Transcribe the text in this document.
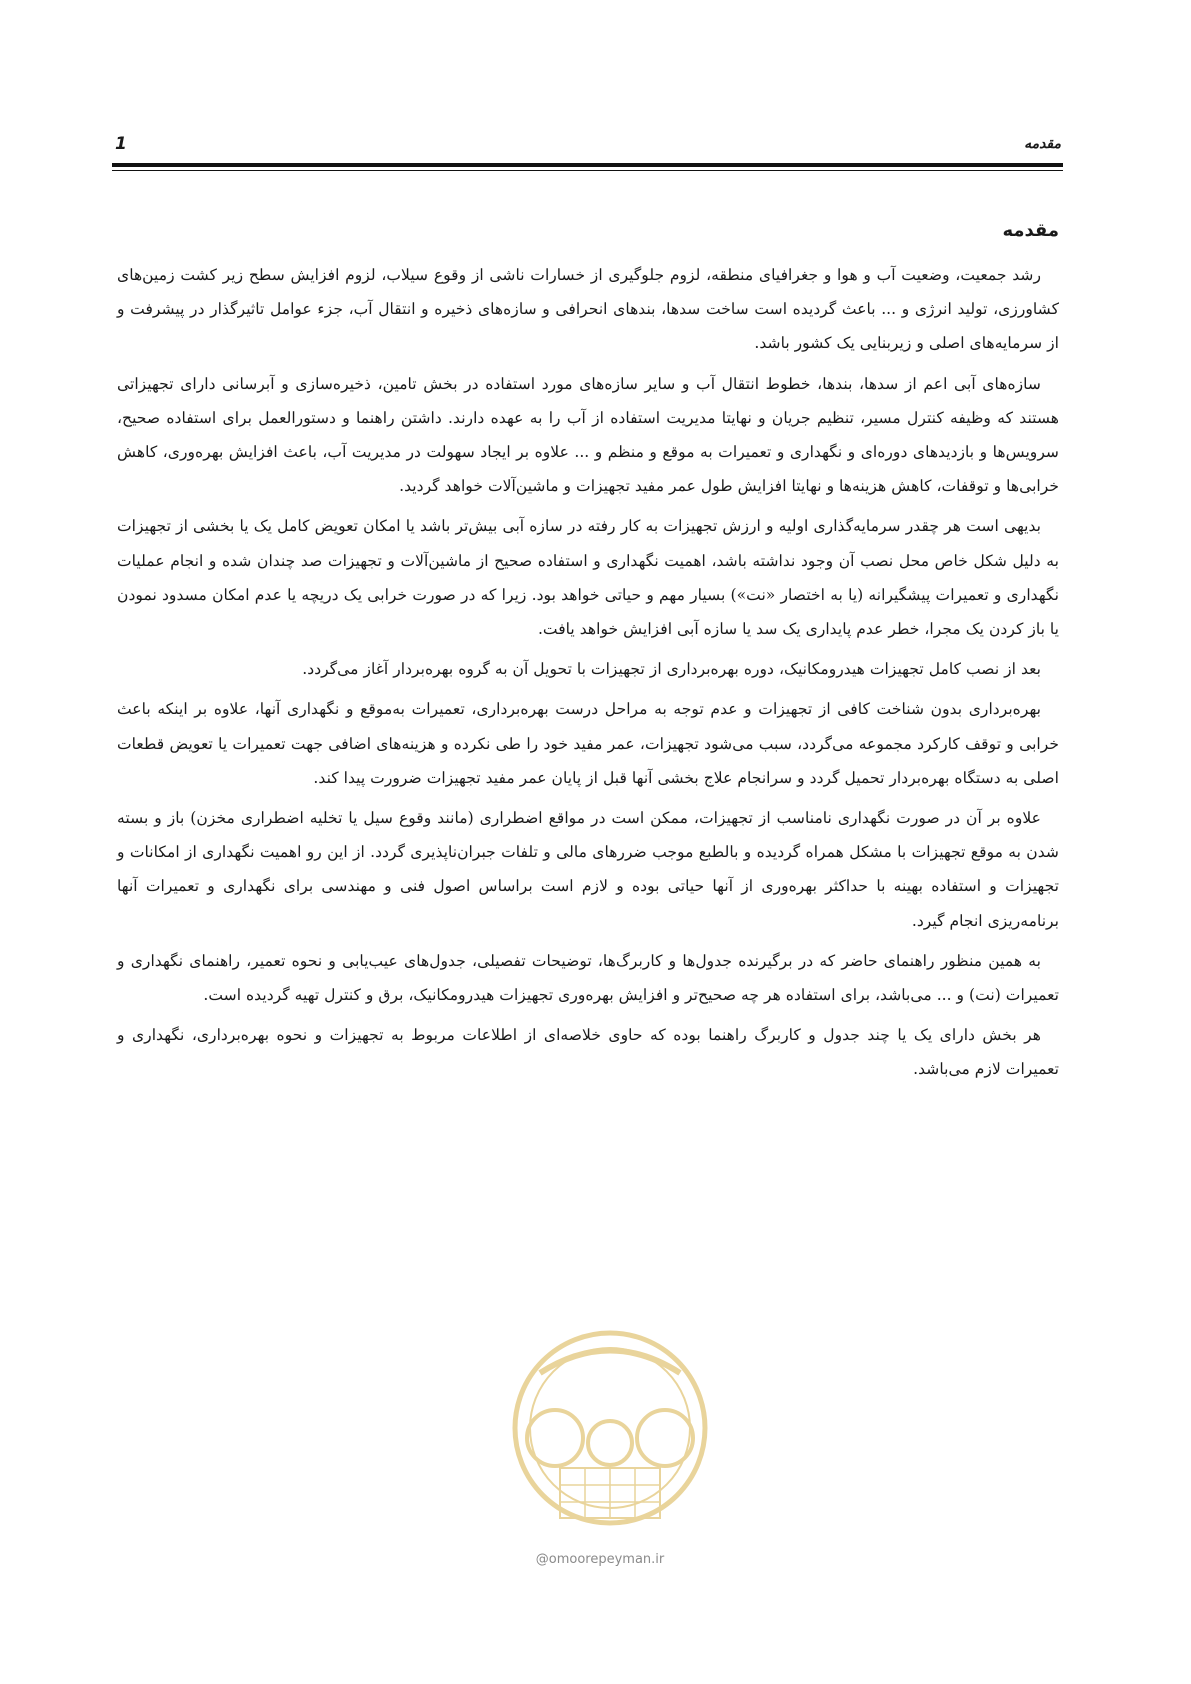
مقدمه
1
مقدمه

رشد جمعیت، وضعیت آب و هوا و جغرافیای منطقه، لزوم جلوگیری از خسارات ناشی از وقوع سیلاب، لزوم افزایش سطح زیر کشت زمین‌های کشاورزی، تولید انرژی و ... باعث گردیده است ساخت سدها، بندهای انحرافی و سازه‌های ذخیره و انتقال آب، جزء عوامل تاثیرگذار در پیشرفت و از سرمایه‌های اصلی و زیربنایی یک کشور باشد.

سازه‌های آبی اعم از سدها، بندها، خطوط انتقال آب و سایر سازه‌های مورد استفاده در بخش تامین، ذخیره‌سازی و آبرسانی دارای تجهیزاتی هستند که وظیفه کنترل مسیر، تنظیم جریان و نهایتا مدیریت استفاده از آب را به عهده دارند. داشتن راهنما و دستورالعمل برای استفاده صحیح، سرویس‌ها و بازدیدهای دوره‌ای و نگهداری و تعمیرات به موقع و منظم و ... علاوه بر ایجاد سهولت در مدیریت آب، باعث افزایش بهره‌وری، کاهش خرابی‌ها و توقفات، کاهش هزینه‌ها و نهایتا افزایش طول عمر مفید تجهیزات و ماشین‌آلات خواهد گردید.

بدیهی است هر چقدر سرمایه‌گذاری اولیه و ارزش تجهیزات به کار رفته در سازه آبی بیش‌تر باشد یا امکان تعویض کامل یک یا بخشی از تجهیزات به دلیل شکل خاص محل نصب آن وجود نداشته باشد، اهمیت نگهداری و استفاده صحیح از ماشین‌آلات و تجهیزات صد چندان شده و انجام عملیات نگهداری و تعمیرات پیشگیرانه (یا به اختصار «نت») بسیار مهم و حیاتی خواهد بود. زیرا که در صورت خرابی یک دریچه یا عدم امکان مسدود نمودن یا باز کردن یک مجرا، خطر عدم پایداری یک سد یا سازه آبی افزایش خواهد یافت.

بعد از نصب کامل تجهیزات هیدرومکانیک، دوره بهره‌برداری از تجهیزات با تحویل آن به گروه بهره‌بردار آغاز می‌گردد.

بهره‌برداری بدون شناخت کافی از تجهیزات و عدم توجه به مراحل درست بهره‌برداری، تعمیرات به‌موقع و نگهداری آنها، علاوه بر اینکه باعث خرابی و توقف کارکرد مجموعه می‌گردد، سبب می‌شود تجهیزات، عمر مفید خود را طی نکرده و هزینه‌های اضافی جهت تعمیرات یا تعویض قطعات اصلی به دستگاه بهره‌بردار تحمیل گردد و سرانجام علاج بخشی آنها قبل از پایان عمر مفید تجهیزات ضرورت پیدا کند.

علاوه بر آن در صورت نگهداری نامناسب از تجهیزات، ممکن است در مواقع اضطراری (مانند وقوع سیل یا تخلیه اضطراری مخزن) باز و بسته شدن به موقع تجهیزات با مشکل همراه گردیده و بالطبع موجب ضررهای مالی و تلفات جبران‌ناپذیری گردد. از این رو اهمیت نگهداری از امکانات و تجهیزات و استفاده بهینه با حداکثر بهره‌وری از آنها حیاتی بوده و لازم است براساس اصول فنی و مهندسی برای نگهداری و تعمیرات آنها برنامه‌ریزی انجام گیرد.

به همین منظور راهنمای حاضر که در برگیرنده جدول‌ها و کاربرگ‌ها، توضیحات تفصیلی، جدول‌های عیب‌یابی و نحوه تعمیر، راهنمای نگهداری و تعمیرات (نت) و ... می‌باشد، برای استفاده هر چه صحیح‌تر و افزایش بهره‌وری تجهیزات هیدرومکانیک، برق و کنترل تهیه گردیده است.

هر بخش دارای یک یا چند جدول و کاربرگ راهنما بوده که حاوی خلاصه‌ای از اطلاعات مربوط به تجهیزات و نحوه بهره‌برداری، نگهداری و تعمیرات لازم می‌باشد.

@omoorepeyman.ir
